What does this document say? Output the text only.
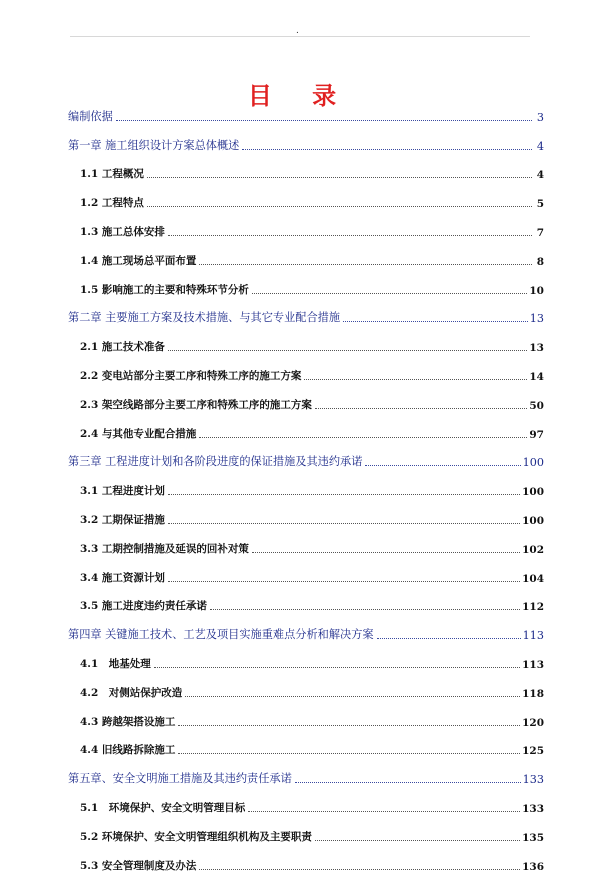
.
目 录
编制依据	3
第一章 施工组织设计方案总体概述	4
1.1 工程概况	4
1.2 工程特点	5
1.3 施工总体安排	7
1.4 施工现场总平面布置	8
1.5 影响施工的主要和特殊环节分析	10
第二章 主要施工方案及技术措施、与其它专业配合措施	13
2.1 施工技术准备	13
2.2 变电站部分主要工序和特殊工序的施工方案	14
2.3 架空线路部分主要工序和特殊工序的施工方案	50
2.4 与其他专业配合措施	97
第三章 工程进度计划和各阶段进度的保证措施及其违约承诺	100
3.1 工程进度计划	100
3.2 工期保证措施	100
3.3 工期控制措施及延误的回补对策	102
3.4 施工资源计划	104
3.5 施工进度违约责任承诺	112
第四章 关键施工技术、工艺及项目实施重难点分析和解决方案	113
4.1　地基处理	113
4.2　对侧站保护改造	118
4.3 跨越架搭设施工	120
4.4 旧线路拆除施工	125
第五章、安全文明施工措施及其违约责任承诺	133
5.1　环境保护、安全文明管理目标	133
5.2 环境保护、安全文明管理组织机构及主要职责	135
5.3 安全管理制度及办法	136
